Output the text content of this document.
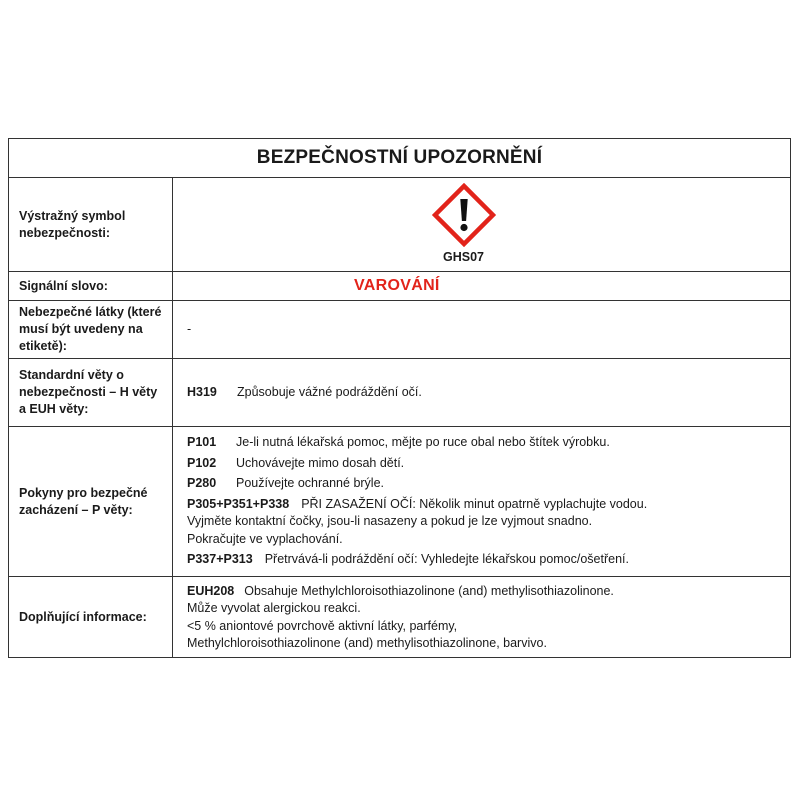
BEZPEČNOSTNÍ UPOZORNĚNÍ
Výstražný symbol nebezpečnosti:
GHS07
Signální slovo:	VAROVÁNÍ
Nebezpečné látky (které musí být uvedeny na etiketě):
-
Standardní věty o nebezpečnosti – H věty a EUH věty:
H319 Způsobuje vážné podráždění očí.
Pokyny pro bezpečné zacházení – P věty:
P101 Je-li nutná lékařská pomoc, mějte po ruce obal nebo štítek výrobku.
P102 Uchovávejte mimo dosah dětí.
P280 Používejte ochranné brýle.
P305+P351+P338 PŘI ZASAŽENÍ OČÍ: Několik minut opatrně vyplachujte vodou.
Vyjměte kontaktní čočky, jsou-li nasazeny a pokud je lze vyjmout snadno.
Pokračujte ve vyplachování.
P337+P313 Přetrvává-li podráždění očí: Vyhledejte lékařskou pomoc/ošetření.
Doplňující informace:
EUH208 Obsahuje Methylchloroisothiazolinone (and) methylisothiazolinone.
Může vyvolat alergickou reakci.
<5 % aniontové povrchově aktivní látky, parfémy,
Methylchloroisothiazolinone (and) methylisothiazolinone, barvivo.
